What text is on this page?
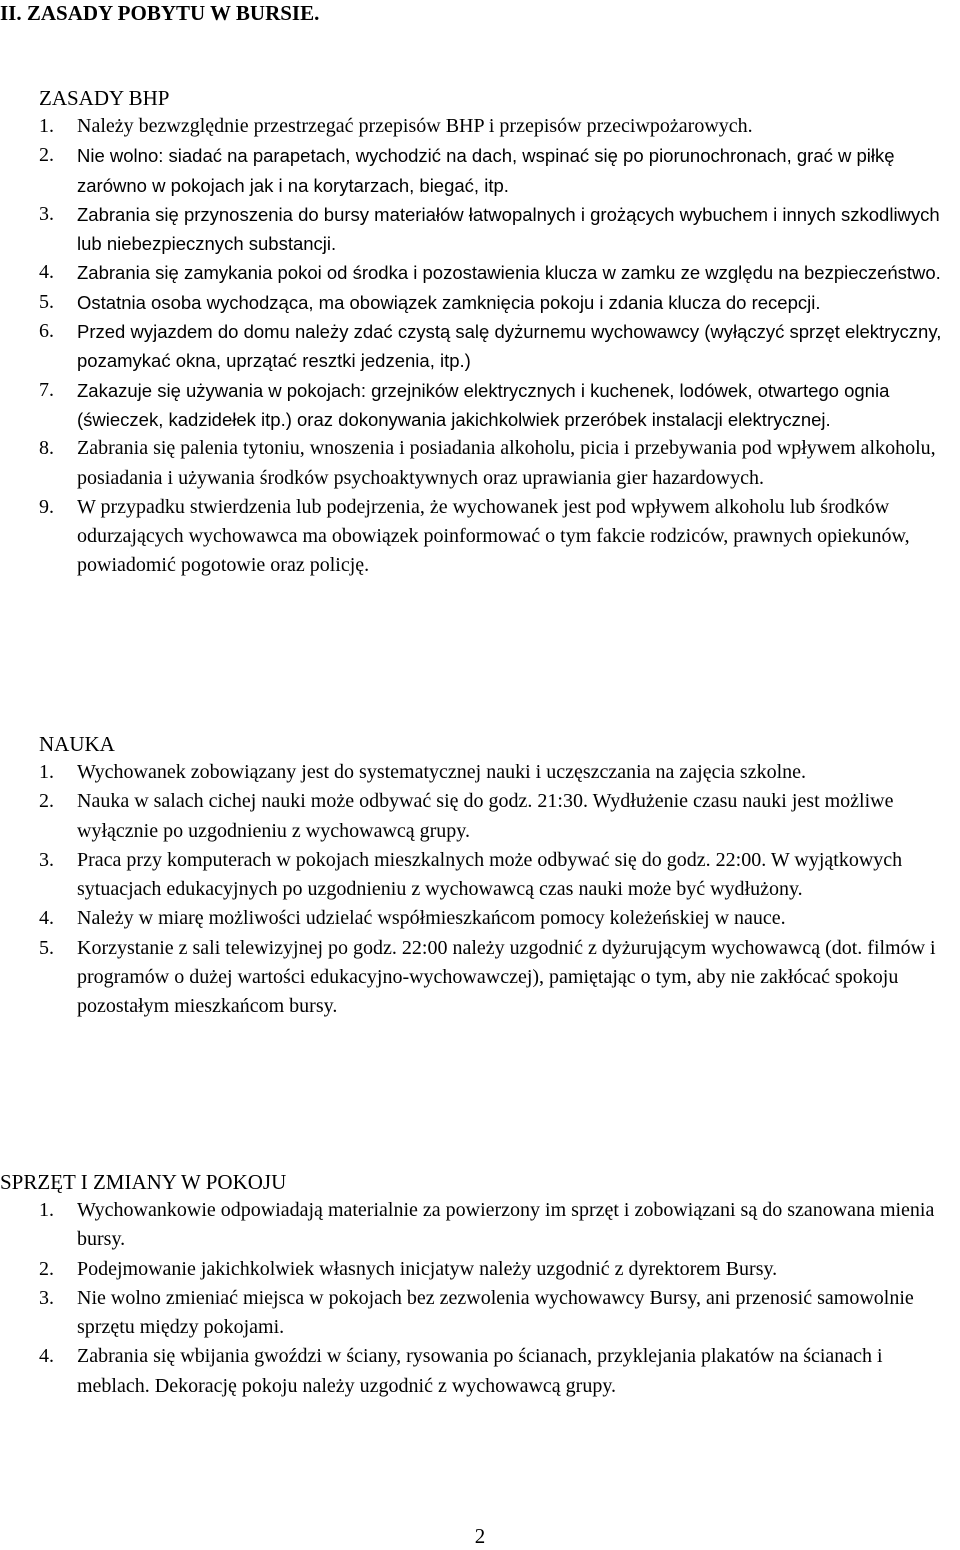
II. ZASADY POBYTU W BURSIE.
ZASADY BHP
1. Należy bezwzględnie przestrzegać przepisów BHP i przepisów przeciwpożarowych.
2. Nie wolno: siadać na parapetach, wychodzić na dach, wspinać się po piorunochronach, grać w piłkę zarówno w pokojach jak i na korytarzach, biegać, itp.
3. Zabrania się przynoszenia do bursy materiałów łatwopalnych i grożących wybuchem i innych szkodliwych lub niebezpiecznych substancji.
4. Zabrania się zamykania pokoi od środka i pozostawienia klucza w zamku ze względu na bezpieczeństwo.
5. Ostatnia osoba wychodząca, ma obowiązek zamknięcia pokoju i zdania klucza do recepcji.
6. Przed wyjazdem do domu należy zdać czystą salę dyżurnemu wychowawcy (wyłączyć sprzęt elektryczny, pozamykać okna, uprzątać resztki jedzenia, itp.)
7. Zakazuje się używania w pokojach: grzejników elektrycznych i kuchenek, lodówek, otwartego ognia (świeczek, kadzidełek itp.) oraz dokonywania jakichkolwiek przeróbek instalacji elektrycznej.
8. Zabrania się palenia tytoniu, wnoszenia i posiadania alkoholu, picia i przebywania pod wpływem alkoholu, posiadania i używania środków psychoaktywnych oraz uprawiania gier hazardowych.
9. W przypadku stwierdzenia lub podejrzenia, że wychowanek jest pod wpływem alkoholu lub środków odurzających wychowawca ma obowiązek poinformować o tym fakcie rodziców, prawnych opiekunów, powiadomić pogotowie oraz policję.
NAUKA
1. Wychowanek zobowiązany jest do systematycznej nauki i uczęszczania na zajęcia szkolne.
2. Nauka w salach cichej nauki może odbywać się do godz. 21:30. Wydłużenie czasu nauki jest możliwe wyłącznie po uzgodnieniu z wychowawcą grupy.
3. Praca przy komputerach w pokojach mieszkalnych może odbywać się do godz. 22:00. W wyjątkowych sytuacjach edukacyjnych po uzgodnieniu z wychowawcą czas nauki może być wydłużony.
4. Należy w miarę możliwości udzielać współmieszkańcom pomocy koleżeńskiej w nauce.
5. Korzystanie z sali telewizyjnej po godz. 22:00 należy uzgodnić z dyżurującym wychowawcą (dot. filmów i programów o dużej wartości edukacyjno-wychowawczej), pamiętając o tym, aby nie zakłócać spokoju pozostałym mieszkańcom bursy.
SPRZĘT I ZMIANY W POKOJU
1. Wychowankowie odpowiadają materialnie za powierzony im sprzęt i zobowiązani są do szanowana mienia bursy.
2. Podejmowanie jakichkolwiek własnych inicjatyw należy uzgodnić z dyrektorem Bursy.
3. Nie wolno zmieniać miejsca w pokojach bez zezwolenia wychowawcy Bursy, ani przenosić samowolnie sprzętu między pokojami.
4. Zabrania się wbijania gwoździ w ściany, rysowania po ścianach, przyklejania plakatów na ścianach i meblach. Dekorację pokoju należy uzgodnić z wychowawcą grupy.
2
